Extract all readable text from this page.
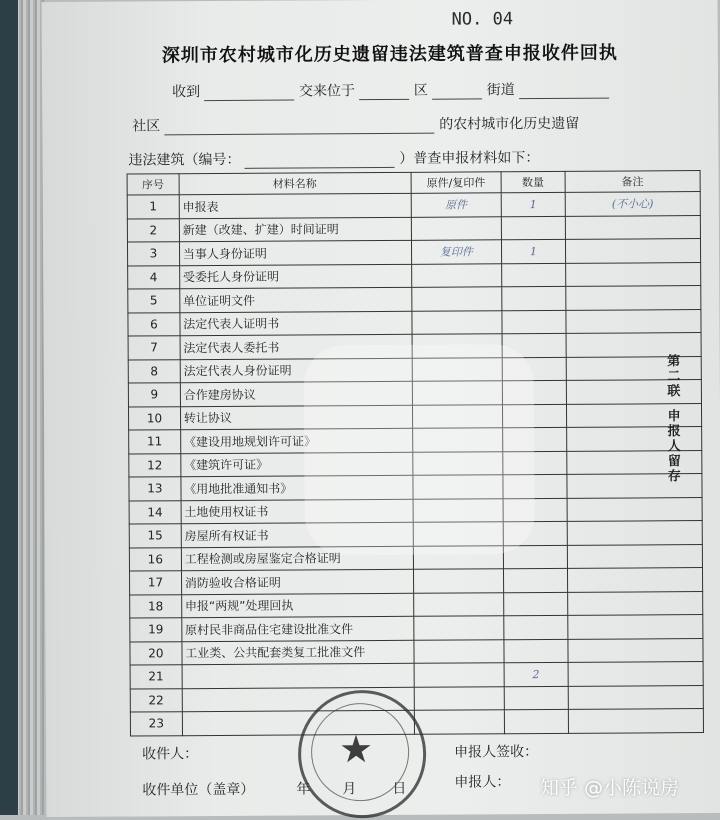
NO. 04
深圳市农村城市化历史遗留违法建筑普查申报收件回执
收到	交来位于	区	街道
社区	的农村城市化历史遗留
违法建筑（编号：	）普查申报材料如下：
序号	材料名称	原件/复印件	数量	备注
1	申报表	原件	1	(不小心)
2	新建（改建、扩建）时间证明			
3	当事人身份证明	复印件	1	
4	受委托人身份证明			
5	单位证明文件			
6	法定代表人证明书			
7	法定代表人委托书			
8	法定代表人身份证明			
9	合作建房协议			
10	转让协议			
11	《建设用地规划许可证》			
12	《建筑许可证》			
13	《用地批准通知书》			
14	土地使用权证书			
15	房屋所有权证书			
16	工程检测或房屋鉴定合格证明			
17	消防验收合格证明			
18	申报“两规”处理回执			
19	原村民非商品住宅建设批准文件			
20	工业类、公共配套类复工批准文件			
21			2	
22				
23				
第
二
联
申
报
人
留
存
收件人：
收件单位（盖章）	年 月	日
申报人签收：
申报人：
★
知乎 @小陈说房
